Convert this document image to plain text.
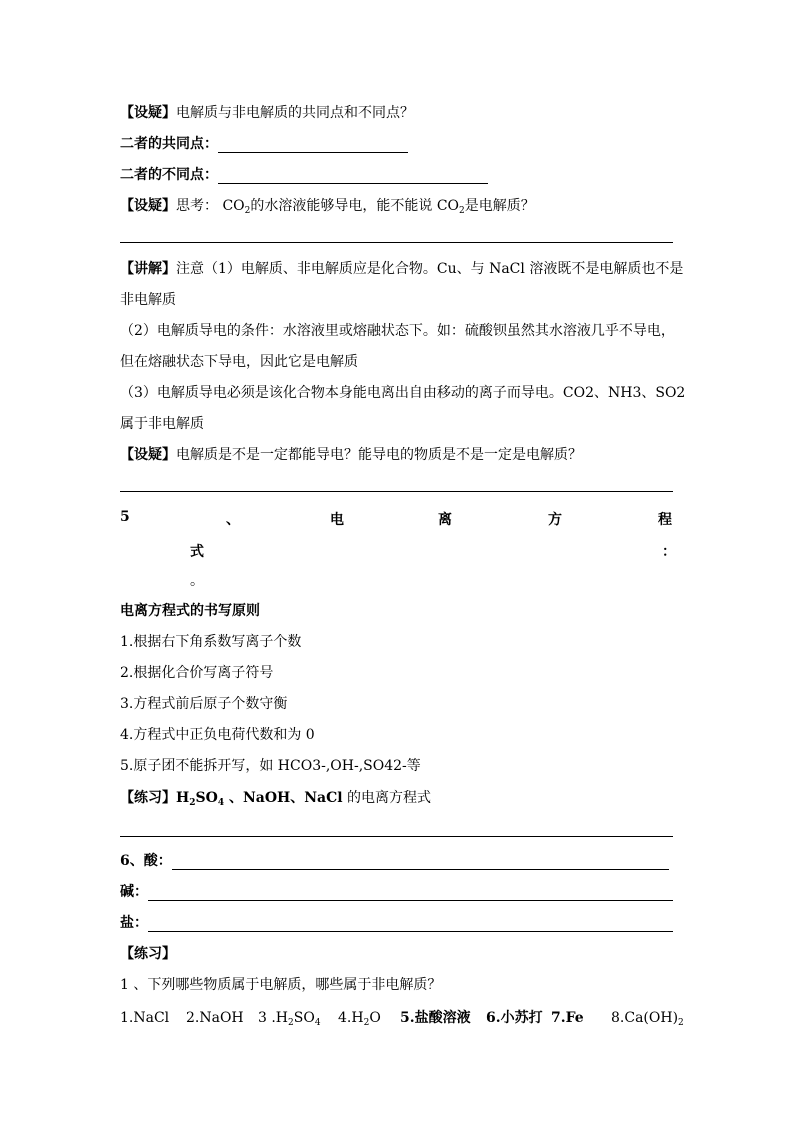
【设疑】电解质与非电解质的共同点和不同点？
二者的共同点：
二者的不同点：
【设疑】思考： $CO_2$的水溶液能够导电，能不能说 $CO_2$是电解质？
【讲解】注意（1）电解质、非电解质应是化合物。Cu、与 NaCl 溶液既不是电解质也不是
非电解质
（2）电解质导电的条件：水溶液里或熔融状态下。如：硫酸钡虽然其水溶液几乎不导电，
但在熔融状态下导电，因此它是电解质
（3）电解质导电必须是该化合物本身能电离出自由移动的离子而导电。CO2、NH3、SO2
属于非电解质
【设疑】电解质是不是一定都能导电？能导电的物质是不是一定是电解质？
5	、	电	离	方	程
式	：
。
电离方程式的书写原则
1.根据右下角系数写离子个数
2.根据化合价写离子符号
3.方程式前后原子个数守衡
4.方程式中正负电荷代数和为 0
5.原子团不能拆开写，如 HCO3-,OH-,SO42-等
【练习】$H_2SO_4$ 、NaOH、NaCl 的电离方程式
6、酸：
碱：
盐：
【练习】
1 、下列哪些物质属于电解质，哪些属于非电解质？
1.NaCl 2.NaOH 3 $.H_2SO_4$ $4.H_2O$ 5.盐酸溶液 6.小苏打 7.Fe $8.Ca(OH)_2$
